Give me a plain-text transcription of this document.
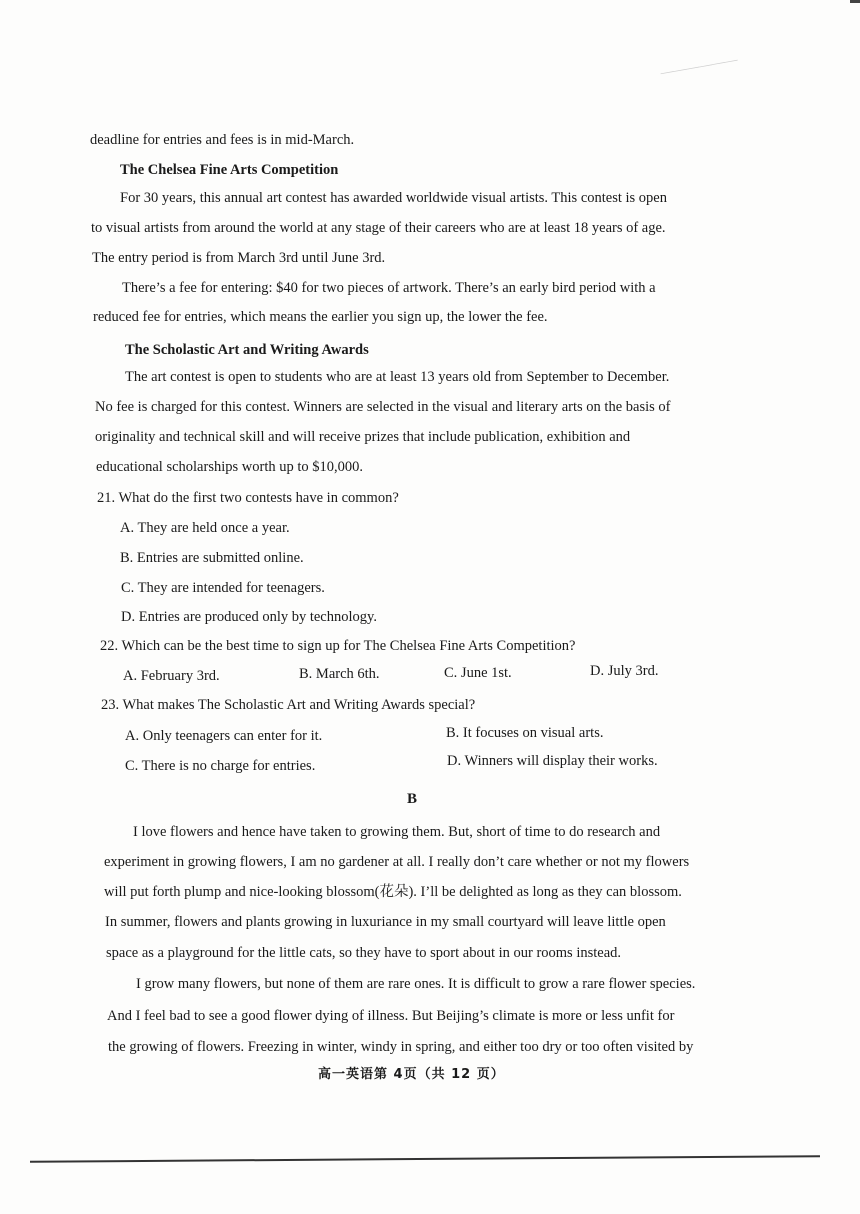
——————
deadline for entries and fees is in mid-March.
The Chelsea Fine Arts Competition
For 30 years, this annual art contest has awarded worldwide visual artists. This contest is open
to visual artists from around the world at any stage of their careers who are at least 18 years of age.
The entry period is from March 3rd until June 3rd.
There’s a fee for entering: $40 for two pieces of artwork. There’s an early bird period with a
reduced fee for entries, which means the earlier you sign up, the lower the fee.
The Scholastic Art and Writing Awards
The art contest is open to students who are at least 13 years old from September to December.
No fee is charged for this contest. Winners are selected in the visual and literary arts on the basis of
originality and technical skill and will receive prizes that include publication, exhibition and
educational scholarships worth up to $10,000.
21. What do the first two contests have in common?
A. They are held once a year.
B. Entries are submitted online.
C. They are intended for teenagers.
D. Entries are produced only by technology.
22. Which can be the best time to sign up for The Chelsea Fine Arts Competition?
A. February 3rd.	B. March 6th.	C. June 1st.	D. July 3rd.
23. What makes The Scholastic Art and Writing Awards special?
A. Only teenagers can enter for it.	B. It focuses on visual arts.
C. There is no charge for entries.	D. Winners will display their works.
B
I love flowers and hence have taken to growing them. But, short of time to do research and
experiment in growing flowers, I am no gardener at all. I really don’t care whether or not my flowers
will put forth plump and nice-looking blossom(花朵). I’ll be delighted as long as they can blossom.
In summer, flowers and plants growing in luxuriance in my small courtyard will leave little open
space as a playground for the little cats, so they have to sport about in our rooms instead.
I grow many flowers, but none of them are rare ones. It is difficult to grow a rare flower species.
And I feel bad to see a good flower dying of illness. But Beijing’s climate is more or less unfit for
the growing of flowers. Freezing in winter, windy in spring, and either too dry or too often visited by
高一英语第 4页（共 12 页）
